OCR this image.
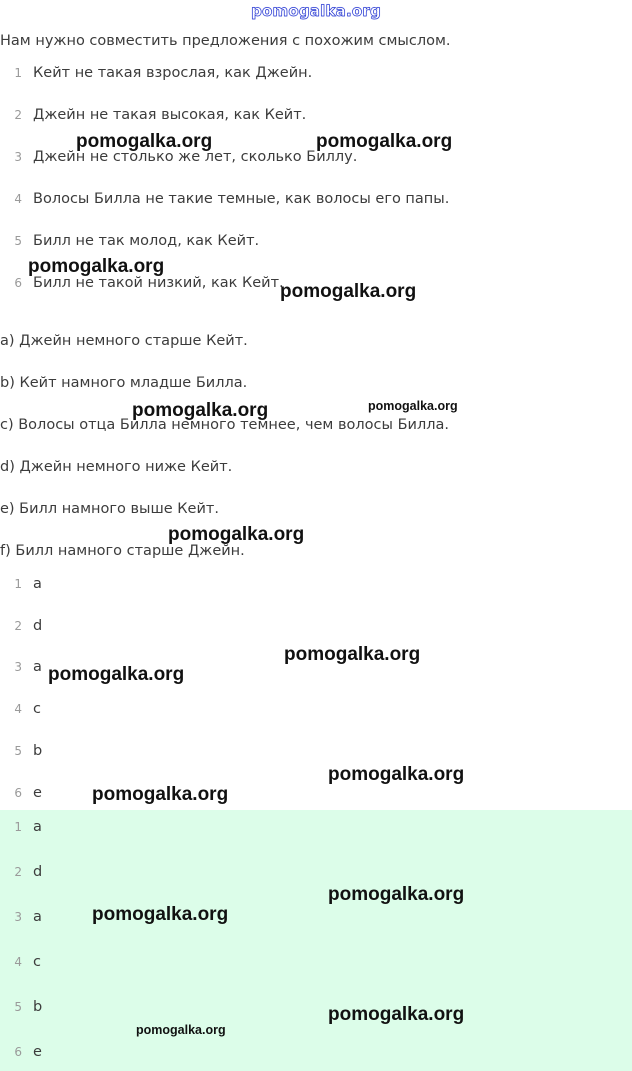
pomogalka.org
Нам нужно совместить предложения с похожим смыслом.
1 Кейт не такая взрослая, как Джейн.
2 Джейн не такая высокая, как Кейт.
3 Джейн не столько же лет, сколько Биллу.
4 Волосы Билла не такие темные, как волосы его папы.
5 Билл не так молод, как Кейт.
6 Билл не такой низкий, как Кейт.
a) Джейн немного старше Кейт.
b) Кейт намного младше Билла.
c) Волосы отца Билла немного темнее, чем волосы Билла.
d) Джейн немного ниже Кейт.
e) Билл намного выше Кейт.
f) Билл намного старше Джейн.
1 a
2 d
3 a
4 c
5 b
6 e
1 a
2 d
3 a
4 c
5 b
6 e
pomogalka.org	pomogalka.org
pomogalka.org
pomogalka.org
pomogalka.org	pomogalka.org
pomogalka.org
pomogalka.org
pomogalka.org
pomogalka.org
pomogalka.org
pomogalka.org
pomogalka.org
pomogalka.org
pomogalka.org
